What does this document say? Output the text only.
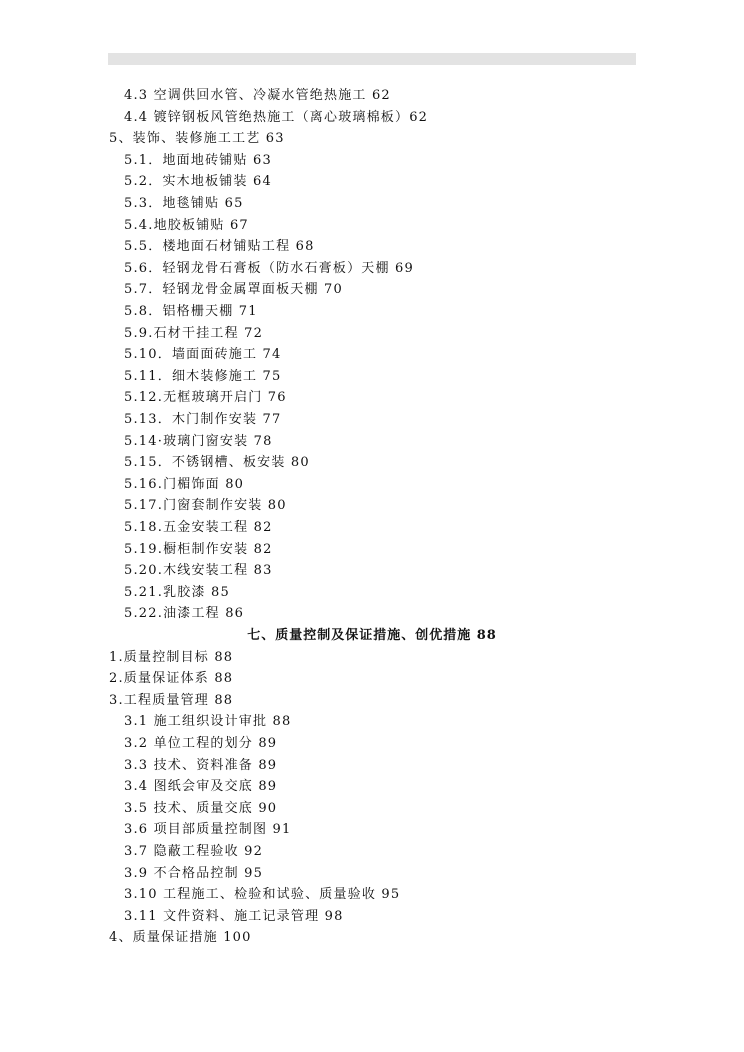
4.3 空调供回水管、冷凝水管绝热施工 62
4.4 镀锌钢板风管绝热施工（离心玻璃棉板）62
5、装饰、装修施工工艺 63
5.1．地面地砖铺贴 63
5.2．实木地板铺装 64
5.3．地毯铺贴 65
5.4.地胶板铺贴 67
5.5．楼地面石材铺贴工程 68
5.6．轻钢龙骨石膏板（防水石膏板）天棚 69
5.7．轻钢龙骨金属罩面板天棚 70
5.8．铝格栅天棚 71
5.9.石材干挂工程 72
5.10．墙面面砖施工 74
5.11．细木装修施工 75
5.12.无框玻璃开启门 76
5.13．木门制作安装 77
5.14·玻璃门窗安装 78
5.15．不锈钢槽、板安装 80
5.16.门楣饰面 80
5.17.门窗套制作安装 80
5.18.五金安装工程 82
5.19.橱柜制作安装 82
5.20.木线安装工程 83
5.21.乳胶漆 85
5.22.油漆工程 86
七、质量控制及保证措施、创优措施 88
1.质量控制目标 88
2.质量保证体系 88
3.工程质量管理 88
3.1 施工组织设计审批 88
3.2 单位工程的划分 89
3.3 技术、资料准备 89
3.4 图纸会审及交底 89
3.5 技术、质量交底 90
3.6 项目部质量控制图 91
3.7 隐蔽工程验收 92
3.9 不合格品控制 95
3.10 工程施工、检验和试验、质量验收 95
3.11 文件资料、施工记录管理 98
4、质量保证措施 100
